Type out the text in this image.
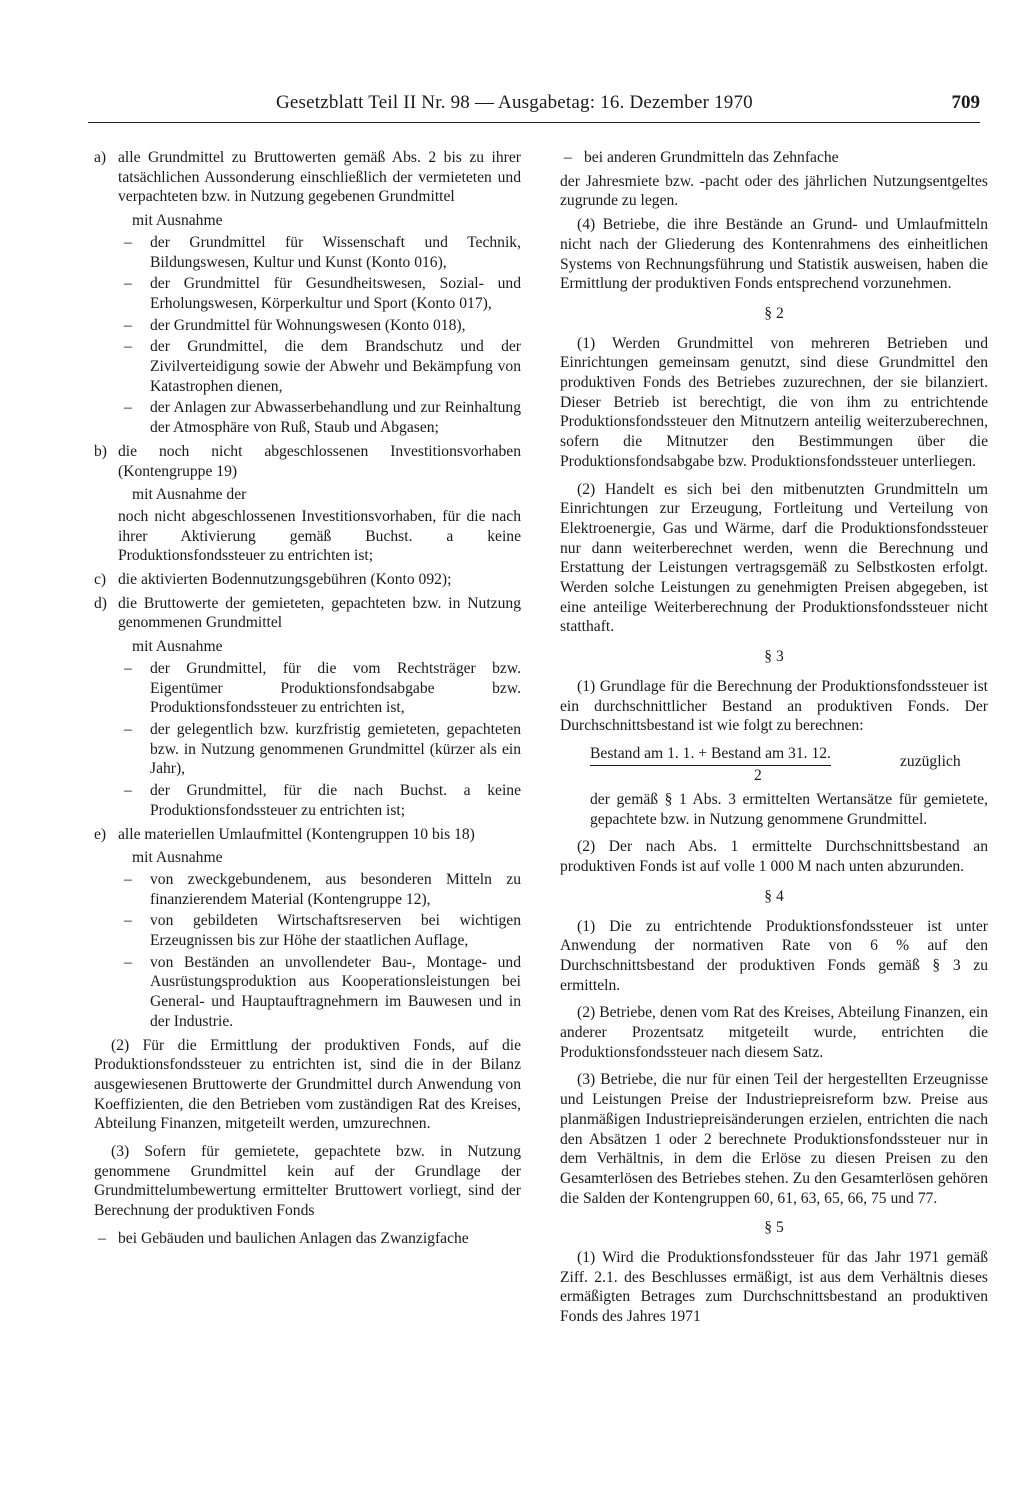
Gesetzblatt Teil II Nr. 98 — Ausgabetag: 16. Dezember 1970	709
a) alle Grundmittel zu Bruttowerten gemäß Abs. 2 bis zu ihrer tatsächlichen Aussonderung einschließlich der vermieteten und verpachteten bzw. in Nutzung gegebenen Grundmittel
mit Ausnahme
– der Grundmittel für Wissenschaft und Technik, Bildungswesen, Kultur und Kunst (Konto 016),
– der Grundmittel für Gesundheitswesen, Sozial- und Erholungswesen, Körperkultur und Sport (Konto 017),
– der Grundmittel für Wohnungswesen (Konto 018),
– der Grundmittel, die dem Brandschutz und der Zivilverteidigung sowie der Abwehr und Bekämpfung von Katastrophen dienen,
– der Anlagen zur Abwasserbehandlung und zur Reinhaltung der Atmosphäre von Ruß, Staub und Abgasen;
b) die noch nicht abgeschlossenen Investitionsvorhaben (Kontengruppe 19)
mit Ausnahme der
noch nicht abgeschlossenen Investitionsvorhaben, für die nach ihrer Aktivierung gemäß Buchst. a keine Produktionsfondssteuer zu entrichten ist;
c) die aktivierten Bodennutzungsgebühren (Konto 092);
d) die Bruttowerte der gemieteten, gepachteten bzw. in Nutzung genommenen Grundmittel
mit Ausnahme
– der Grundmittel, für die vom Rechtsträger bzw. Eigentümer Produktionsfondsabgabe bzw. Produktionsfondssteuer zu entrichten ist,
– der gelegentlich bzw. kurzfristig gemieteten, gepachteten bzw. in Nutzung genommenen Grundmittel (kürzer als ein Jahr),
– der Grundmittel, für die nach Buchst. a keine Produktionsfondssteuer zu entrichten ist;
e) alle materiellen Umlaufmittel (Kontengruppen 10 bis 18)
mit Ausnahme
– von zweckgebundenem, aus besonderen Mitteln zu finanzierendem Material (Kontengruppe 12),
– von gebildeten Wirtschaftsreserven bei wichtigen Erzeugnissen bis zur Höhe der staatlichen Auflage,
– von Beständen an unvollendeter Bau-, Montage- und Ausrüstungsproduktion aus Kooperationsleistungen bei General- und Hauptauftragnehmern im Bauwesen und in der Industrie.

(2) Für die Ermittlung der produktiven Fonds, auf die Produktionsfondssteuer zu entrichten ist, sind die in der Bilanz ausgewiesenen Bruttowerte der Grundmittel durch Anwendung von Koeffizienten, die den Betrieben vom zuständigen Rat des Kreises, Abteilung Finanzen, mitgeteilt werden, umzurechnen.

(3) Sofern für gemietete, gepachtete bzw. in Nutzung genommene Grundmittel kein auf der Grundlage der Grundmittelumbewertung ermittelter Bruttowert vorliegt, sind der Berechnung der produktiven Fonds

– bei Gebäuden und baulichen Anlagen das Zwanzigfache
– bei anderen Grundmitteln das Zehnfache
der Jahresmiete bzw. -pacht oder des jährlichen Nutzungsentgeltes zugrunde zu legen.

(4) Betriebe, die ihre Bestände an Grund- und Umlaufmitteln nicht nach der Gliederung des Kontenrahmens des einheitlichen Systems von Rechnungsführung und Statistik ausweisen, haben die Ermittlung der produktiven Fonds entsprechend vorzunehmen.

§ 2

(1) Werden Grundmittel von mehreren Betrieben und Einrichtungen gemeinsam genutzt, sind diese Grundmittel den produktiven Fonds des Betriebes zuzurechnen, der sie bilanziert. Dieser Betrieb ist berechtigt, die von ihm zu entrichtende Produktionsfondssteuer den Mitnutzern anteilig weiterzuberechnen, sofern die Mitnutzer den Bestimmungen über die Produktionsfondsabgabe bzw. Produktionsfondssteuer unterliegen.

(2) Handelt es sich bei den mitbenutzten Grundmitteln um Einrichtungen zur Erzeugung, Fortleitung und Verteilung von Elektroenergie, Gas und Wärme, darf die Produktionsfondssteuer nur dann weiterberechnet werden, wenn die Berechnung und Erstattung der Leistungen vertragsgemäß zu Selbstkosten erfolgt. Werden solche Leistungen zu genehmigten Preisen abgegeben, ist eine anteilige Weiterberechnung der Produktionsfondssteuer nicht statthaft.

§ 3

(1) Grundlage für die Berechnung der Produktionsfondssteuer ist ein durchschnittlicher Bestand an produktiven Fonds. Der Durchschnittsbestand ist wie folgt zu berechnen:

Bestand am 1. 1. + Bestand am 31. 12.	zuzüglich
2
der gemäß § 1 Abs. 3 ermittelten Wertansätze für gemietete, gepachtete bzw. in Nutzung genommene Grundmittel.

(2) Der nach Abs. 1 ermittelte Durchschnittsbestand an produktiven Fonds ist auf volle 1 000 M nach unten abzurunden.

§ 4

(1) Die zu entrichtende Produktionsfondssteuer ist unter Anwendung der normativen Rate von 6 % auf den Durchschnittsbestand der produktiven Fonds gemäß § 3 zu ermitteln.

(2) Betriebe, denen vom Rat des Kreises, Abteilung Finanzen, ein anderer Prozentsatz mitgeteilt wurde, entrichten die Produktionsfondssteuer nach diesem Satz.

(3) Betriebe, die nur für einen Teil der hergestellten Erzeugnisse und Leistungen Preise der Industriepreisreform bzw. Preise aus planmäßigen Industriepreisänderungen erzielen, entrichten die nach den Absätzen 1 oder 2 berechnete Produktionsfondssteuer nur in dem Verhältnis, in dem die Erlöse zu diesen Preisen zu den Gesamterlösen des Betriebes stehen. Zu den Gesamterlösen gehören die Salden der Kontengruppen 60, 61, 63, 65, 66, 75 und 77.

§ 5

(1) Wird die Produktionsfondssteuer für das Jahr 1971 gemäß Ziff. 2.1. des Beschlusses ermäßigt, ist aus dem Verhältnis dieses ermäßigten Betrages zum Durchschnittsbestand an produktiven Fonds des Jahres 1971
